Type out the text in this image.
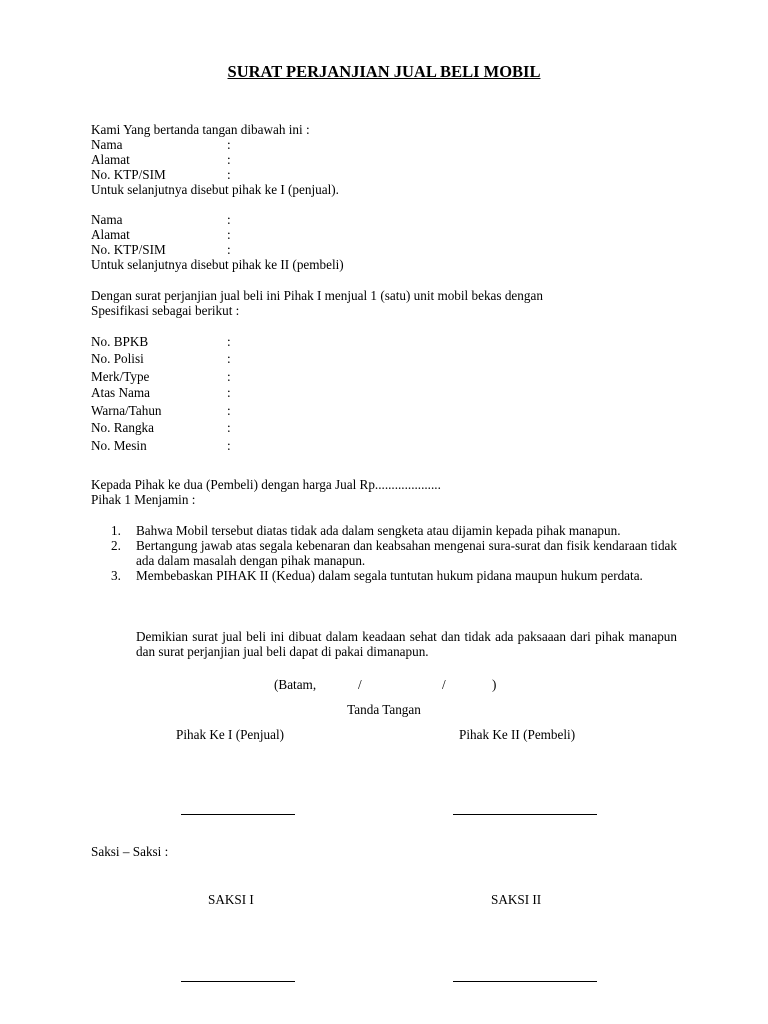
SURAT PERJANJIAN JUAL BELI MOBIL
Kami Yang bertanda tangan dibawah ini :
Nama	:
Alamat	:
No. KTP/SIM	:
Untuk selanjutnya disebut pihak ke I (penjual).
Nama	:
Alamat	:
No. KTP/SIM	:
Untuk selanjutnya disebut pihak ke II (pembeli)
Dengan surat perjanjian jual beli ini Pihak I menjual 1 (satu) unit mobil bekas dengan
Spesifikasi sebagai berikut :
No. BPKB	:
No. Polisi	:
Merk/Type	:
Atas Nama	:
Warna/Tahun	:
No. Rangka	:
No. Mesin	:
Kepada Pihak ke dua (Pembeli) dengan harga Jual Rp....................
Pihak 1 Menjamin :
1. Bahwa Mobil tersebut diatas tidak ada dalam sengketa atau dijamin kepada pihak manapun.
2. Bertangung jawab atas segala kebenaran dan keabsahan mengenai sura-surat dan fisik kendaraan tidak ada dalam masalah dengan pihak manapun.
3. Membebaskan PIHAK II (Kedua) dalam segala tuntutan hukum pidana maupun hukum perdata.
Demikian surat jual beli ini dibuat dalam keadaan sehat dan tidak ada paksaaan dari pihak manapun dan surat perjanjian jual beli dapat di pakai dimanapun.
(Batam,	/	/	)
Tanda Tangan
Pihak Ke I (Penjual)	Pihak Ke II (Pembeli)
Saksi – Saksi :
SAKSI I	SAKSI II
